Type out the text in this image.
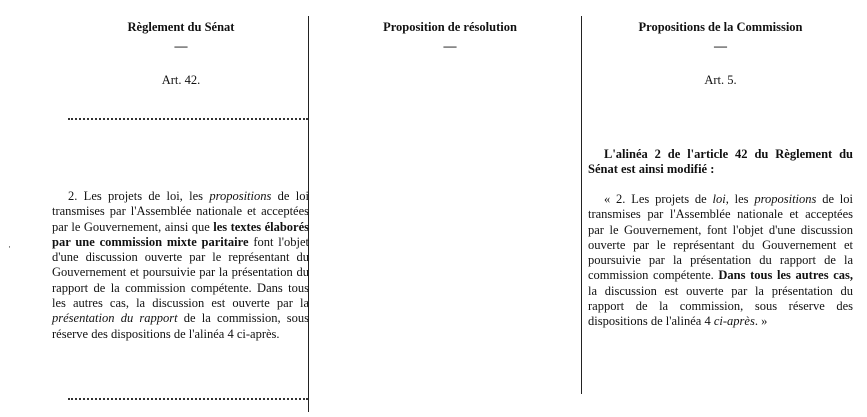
·
Règlement du Sénat
—
Art. 42.
2. Les projets de loi, les propositions de loi transmises par l'Assemblée nationale et acceptées par le Gouvernement, ainsi que les textes élaborés par une commission mixte paritaire font l'objet d'une discussion ouverte par le représentant du Gouvernement et poursuivie par la présentation du rapport de la commission compétente. Dans tous les autres cas, la discussion est ouverte par la présentation du rapport de la commission, sous réserve des dispositions de l'alinéa 4 ci-après.
Proposition de résolution
—
Propositions de la Commission
—
Art. 5.
L'alinéa 2 de l'article 42 du Règlement du Sénat est ainsi modifié :
« 2. Les projets de loi, les propositions de loi transmises par l'Assemblée nationale et acceptées par le Gouvernement, font l'objet d'une discussion ouverte par le représentant du Gouvernement et poursuivie par la présentation du rapport de la commission compétente. Dans tous les autres cas, la discussion est ouverte par la présentation du rapport de la commission, sous réserve des dispositions de l'alinéa 4 ci-après. »
